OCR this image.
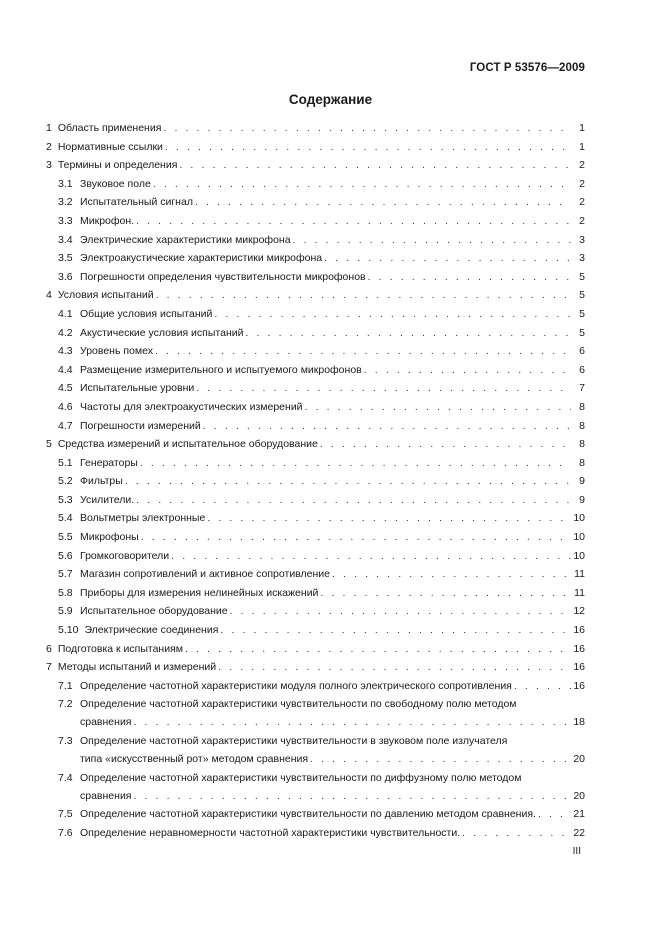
ГОСТ Р 53576—2009
Содержание
1 Область применения . . .	1
2 Нормативные ссылки . . .	1
3 Термины и определения . . .	2
3.1 Звуковое поле . . .	2
3.2 Испытательный сигнал . . .	2
3.3 Микрофон. . . .	2
3.4 Электрические характеристики микрофона . . .	3
3.5 Электроакустические характеристики микрофона . . .	3
3.6 Погрешности определения чувствительности микрофонов . . .	5
4 Условия испытаний . . .	5
4.1 Общие условия испытаний . . .	5
4.2 Акустические условия испытаний . . .	5
4.3 Уровень помех . . .	6
4.4 Размещение измерительного и испытуемого микрофонов . . .	6
4.5 Испытательные уровни . . .	7
4.6 Частоты для электроакустических измерений . . .	8
4.7 Погрешности измерений . . .	8
5 Средства измерений и испытательное оборудование . . .	8
5.1 Генераторы . . .	8
5.2 Фильтры . . .	9
5.3 Усилители. . . .	9
5.4 Вольтметры электронные . . .	10
5.5 Микрофоны . . .	10
5.6 Громкоговорители . . .	10
5.7 Магазин сопротивлений и активное сопротивление . . .	11
5.8 Приборы для измерения нелинейных искажений . . .	11
5.9 Испытательное оборудование . . .	12
5.10 Электрические соединения . . .	16
6 Подготовка к испытаниям . . .	16
7 Методы испытаний и измерений . . .	16
7.1 Определение частотной характеристики модуля полного электрического сопротивления . . .	16
7.2 Определение частотной характеристики чувствительности по свободному полю методом
сравнения . . .	18
7.3 Определение частотной характеристики чувствительности в звуковом поле излучателя
типа «искусственный рот» методом сравнения . . .	20
7.4 Определение частотной характеристики чувствительности по диффузному полю методом
сравнения . . .	20
7.5 Определение частотной характеристики чувствительности по давлению методом сравнения. . . .	21
7.6 Определение неравномерности частотной характеристики чувствительности. . . .	22
III
